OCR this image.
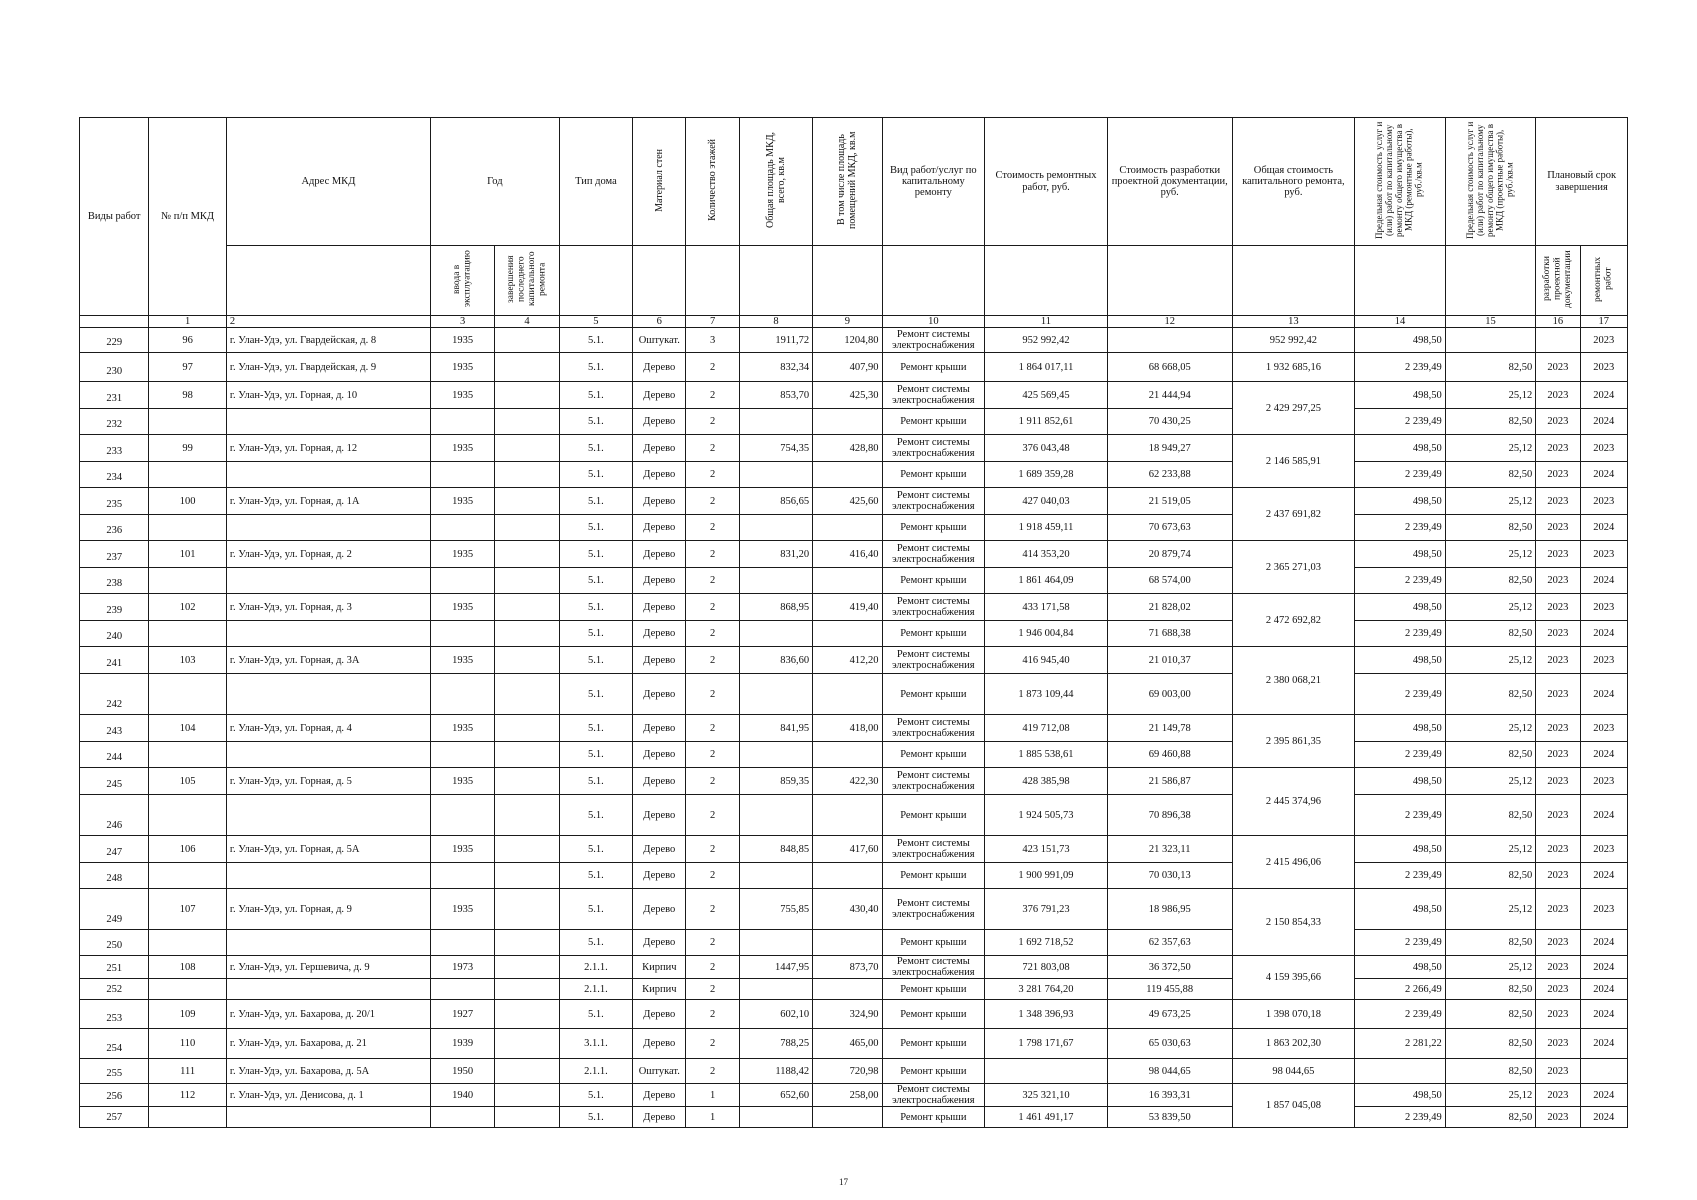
Виды работ	№ п/п МКД	Адрес МКД	Год		Тип дома	Материал стен	Количество этажей	Общая площадь МКД, всего, кв.м	В том числе площадь помещений МКД, кв.м	Вид работ/услуг по капитальному ремонту	Стоимость ремонтных работ, руб.	Стоимость разработки проектной документации, руб.	Общая стоимость капитального ремонта, руб.	Предельная стоимость услуг и (или) работ по капитальному ремонту общего имущества в МКД (ремонтные работы), руб./кв.м	Предельная стоимость услуг и (или) работ по капитальному ремонту общего имущества в МКД (проектные работы), руб./кв.м	Плановый срок завершения	
			ввода в эксплуатацию	завершения последнего капитального ремонта												разработки проектной документации	ремонтных работ
	1	2	3	4	5	6	7	8	9	10	11	12	13	14	15	16	17
229	96	г. Улан-Удэ, ул. Гвардейская, д. 8	1935		5.1.	Оштукат.	3	1911,72	1204,80	Ремонт системы электроснабжения	952 992,42		952 992,42	498,50			2023
230	97	г. Улан-Удэ, ул. Гвардейская, д. 9	1935		5.1.	Дерево	2	832,34	407,90	Ремонт крыши	1 864 017,11	68 668,05	1 932 685,16	2 239,49	82,50	2023	2023
231	98	г. Улан-Удэ, ул. Горная, д. 10	1935		5.1.	Дерево	2	853,70	425,30	Ремонт системы электроснабжения	425 569,45	21 444,94	2 429 297,25	498,50	25,12	2023	2024
232					5.1.	Дерево	2			Ремонт крыши	1 911 852,61	70 430,25		2 239,49	82,50	2023	2024
233	99	г. Улан-Удэ, ул. Горная, д. 12	1935		5.1.	Дерево	2	754,35	428,80	Ремонт системы электроснабжения	376 043,48	18 949,27	2 146 585,91	498,50	25,12	2023	2023
234					5.1.	Дерево	2			Ремонт крыши	1 689 359,28	62 233,88		2 239,49	82,50	2023	2024
235	100	г. Улан-Удэ, ул. Горная, д. 1А	1935		5.1.	Дерево	2	856,65	425,60	Ремонт системы электроснабжения	427 040,03	21 519,05	2 437 691,82	498,50	25,12	2023	2023
236					5.1.	Дерево	2			Ремонт крыши	1 918 459,11	70 673,63		2 239,49	82,50	2023	2024
237	101	г. Улан-Удэ, ул. Горная, д. 2	1935		5.1.	Дерево	2	831,20	416,40	Ремонт системы электроснабжения	414 353,20	20 879,74	2 365 271,03	498,50	25,12	2023	2023
238					5.1.	Дерево	2			Ремонт крыши	1 861 464,09	68 574,00		2 239,49	82,50	2023	2024
239	102	г. Улан-Удэ, ул. Горная, д. 3	1935		5.1.	Дерево	2	868,95	419,40	Ремонт системы электроснабжения	433 171,58	21 828,02	2 472 692,82	498,50	25,12	2023	2023
240					5.1.	Дерево	2			Ремонт крыши	1 946 004,84	71 688,38		2 239,49	82,50	2023	2024
241	103	г. Улан-Удэ, ул. Горная, д. 3А	1935		5.1.	Дерево	2	836,60	412,20	Ремонт системы электроснабжения	416 945,40	21 010,37	2 380 068,21	498,50	25,12	2023	2023
242					5.1.	Дерево	2			Ремонт крыши	1 873 109,44	69 003,00		2 239,49	82,50	2023	2024
243	104	г. Улан-Удэ, ул. Горная, д. 4	1935		5.1.	Дерево	2	841,95	418,00	Ремонт системы электроснабжения	419 712,08	21 149,78	2 395 861,35	498,50	25,12	2023	2023
244					5.1.	Дерево	2			Ремонт крыши	1 885 538,61	69 460,88		2 239,49	82,50	2023	2024
245	105	г. Улан-Удэ, ул. Горная, д. 5	1935		5.1.	Дерево	2	859,35	422,30	Ремонт системы электроснабжения	428 385,98	21 586,87	2 445 374,96	498,50	25,12	2023	2023
246					5.1.	Дерево	2			Ремонт крыши	1 924 505,73	70 896,38		2 239,49	82,50	2023	2024
247	106	г. Улан-Удэ, ул. Горная, д. 5А	1935		5.1.	Дерево	2	848,85	417,60	Ремонт системы электроснабжения	423 151,73	21 323,11	2 415 496,06	498,50	25,12	2023	2023
248					5.1.	Дерево	2			Ремонт крыши	1 900 991,09	70 030,13		2 239,49	82,50	2023	2024
249	107	г. Улан-Удэ, ул. Горная, д. 9	1935		5.1.	Дерево	2	755,85	430,40	Ремонт системы электроснабжения	376 791,23	18 986,95	2 150 854,33	498,50	25,12	2023	2023
250					5.1.	Дерево	2			Ремонт крыши	1 692 718,52	62 357,63		2 239,49	82,50	2023	2024
251	108	г. Улан-Удэ, ул. Гершевича, д. 9	1973		2.1.1.	Кирпич	2	1447,95	873,70	Ремонт системы электроснабжения	721 803,08	36 372,50	4 159 395,66	498,50	25,12	2023	2024
252					2.1.1.	Кирпич	2			Ремонт крыши	3 281 764,20	119 455,88		2 266,49	82,50	2023	2024
253	109	г. Улан-Удэ, ул. Бахарова, д. 20/1	1927		5.1.	Дерево	2	602,10	324,90	Ремонт крыши	1 348 396,93	49 673,25	1 398 070,18	2 239,49	82,50	2023	2024
254	110	г. Улан-Удэ, ул. Бахарова, д. 21	1939		3.1.1.	Дерево	2	788,25	465,00	Ремонт крыши	1 798 171,67	65 030,63	1 863 202,30	2 281,22	82,50	2023	2024
255	111	г. Улан-Удэ, ул. Бахарова, д. 5А	1950		2.1.1.	Оштукат.	2	1188,42	720,98	Ремонт крыши		98 044,65	98 044,65		82,50	2023	
256	112	г. Улан-Удэ, ул. Денисова, д. 1	1940		5.1.	Дерево	1	652,60	258,00	Ремонт системы электроснабжения	325 321,10	16 393,31	1 857 045,08	498,50	25,12	2023	2024
257					5.1.	Дерево	1			Ремонт крыши	1 461 491,17	53 839,50		2 239,49	82,50	2023	2024
17
